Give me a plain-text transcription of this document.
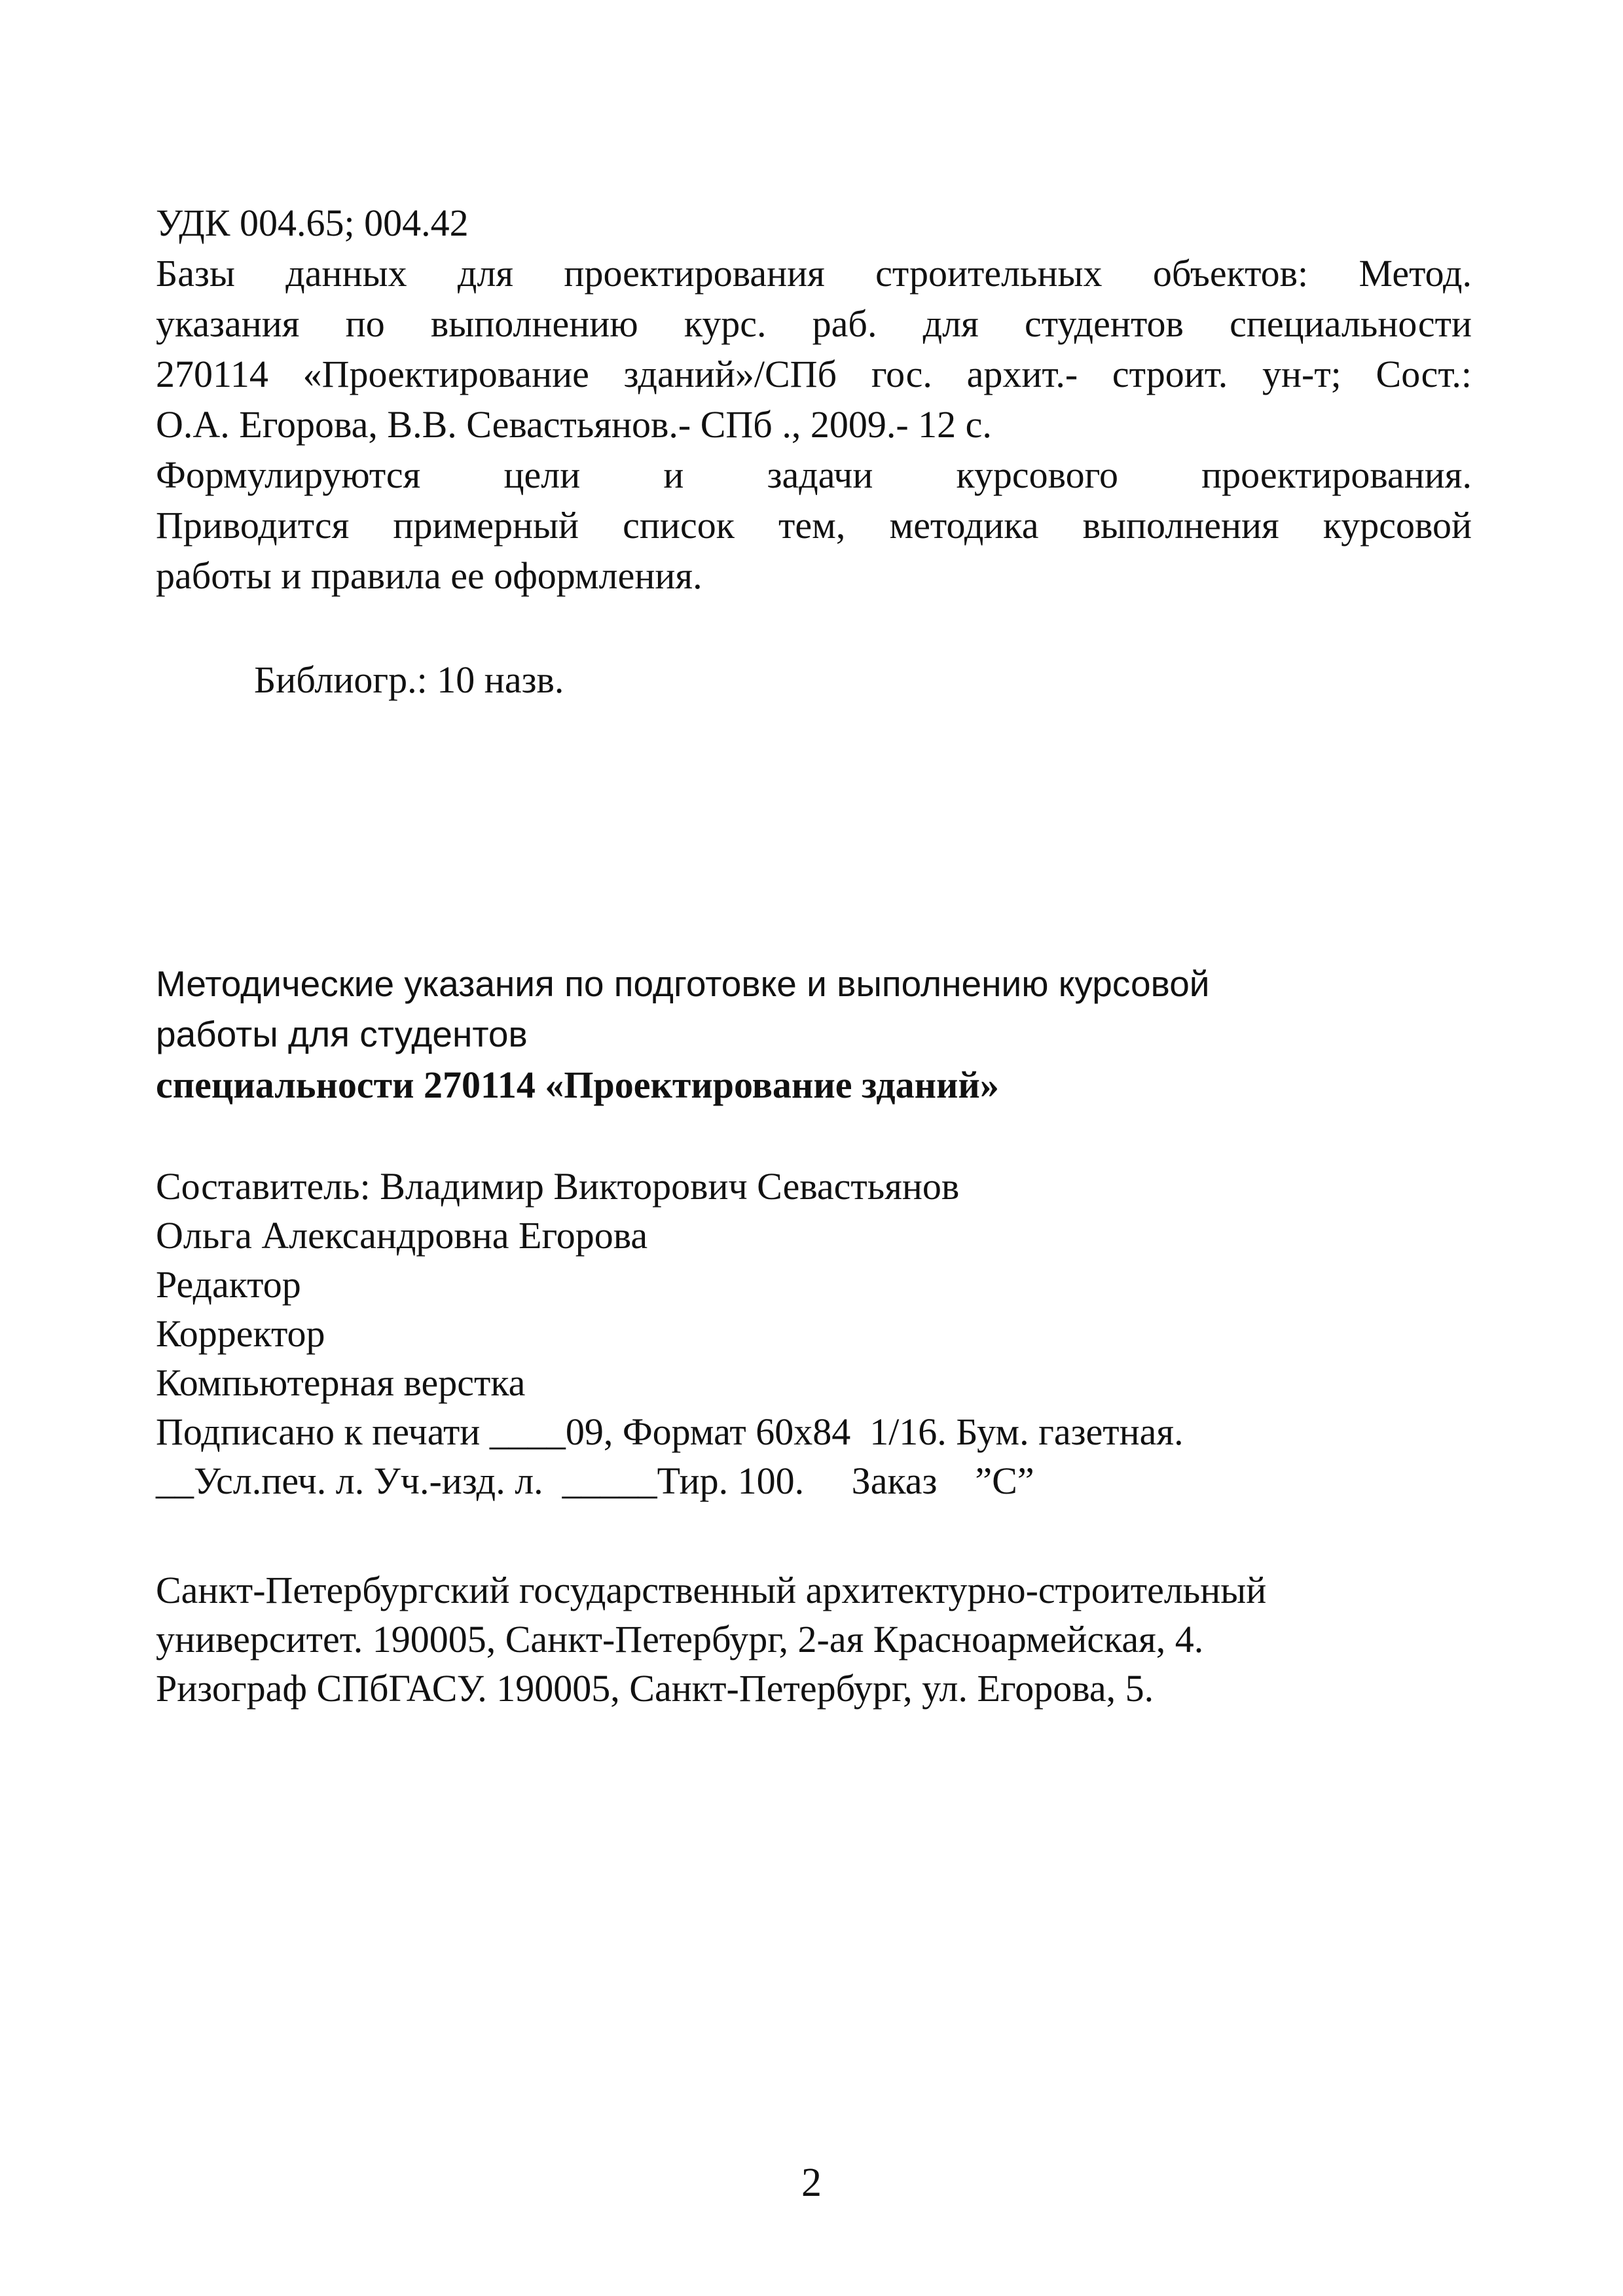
УДК 004.65; 004.42
Базы данных для проектирования строительных объектов: Метод.
указания по выполнению курс. раб. для студентов специальности
270114 «Проектирование зданий»/СПб гос. архит.- строит. ун-т; Сост.:
О.А. Егорова, В.В. Севастьянов.- СПб ., 2009.- 12 с.
Формулируются цели и задачи курсового проектирования.
Приводится примерный список тем, методика выполнения курсовой
работы и правила ее оформления.
Библиогр.: 10 назв.
Методические указания по подготовке и выполнению курсовой
работы для студентов
специальности 270114 «Проектирование зданий»
Составитель: Владимир Викторович Севастьянов
Ольга Александровна Егорова
Редактор
Корректор
Компьютерная верстка
Подписано к печати ____09, Формат 60x84  1/16. Бум. газетная.
__Усл.печ. л. Уч.-изд. л.  _____Тир. 100.     Заказ    ”С”
Санкт-Петербургский государственный архитектурно-строительный
университет. 190005, Санкт-Петербург, 2-ая Красноармейская, 4.
Ризограф СПбГАСУ. 190005, Санкт-Петербург, ул. Егорова, 5.
2
